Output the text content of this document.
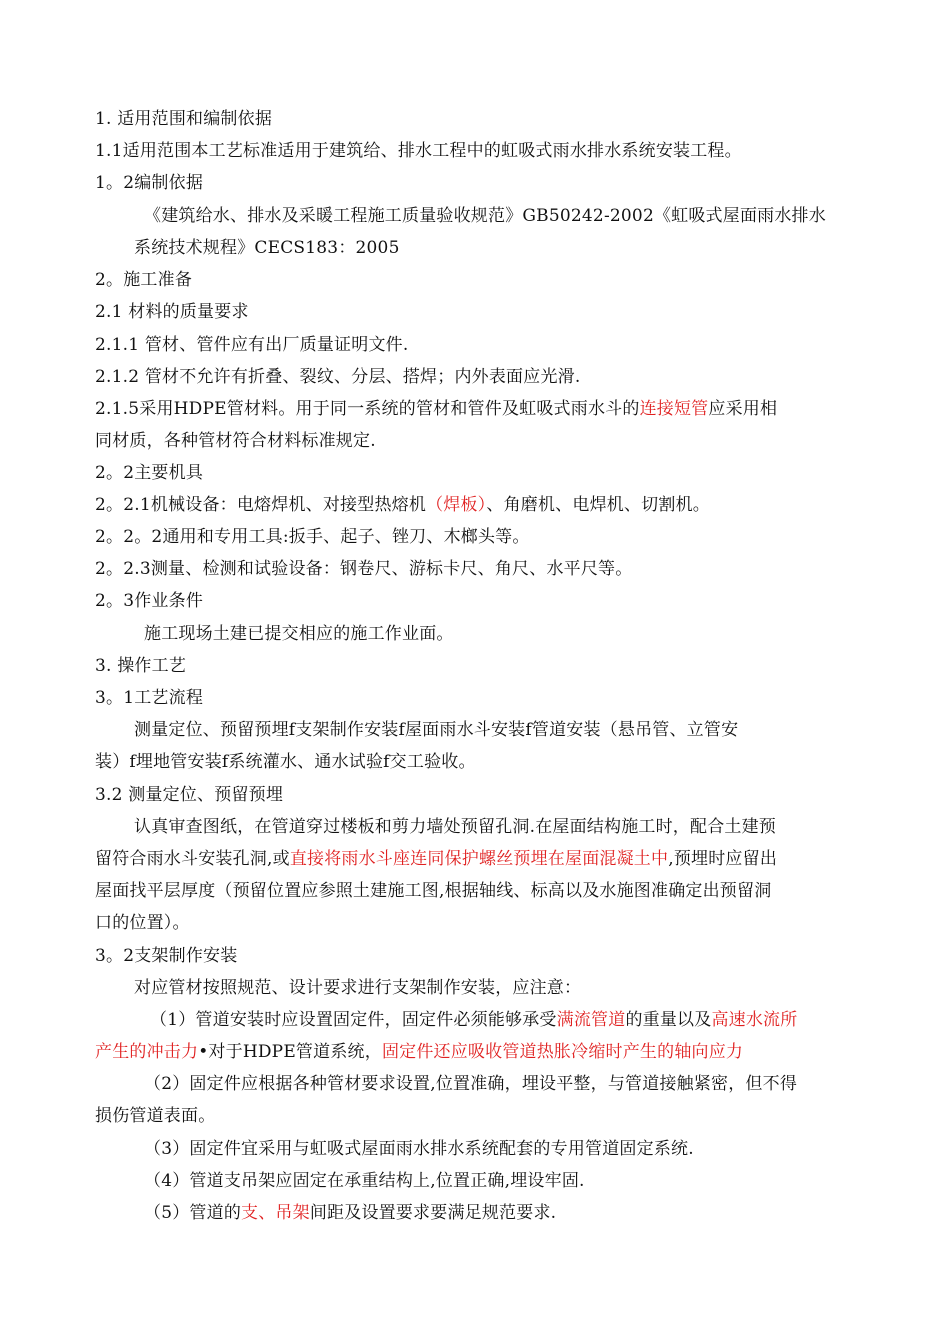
1. 适用范围和编制依据
1.1适用范围本工艺标准适用于建筑给、排水工程中的虹吸式雨水排水系统安装工程。
1。2编制依据
《建筑给水、排水及采暖工程施工质量验收规范》GB50242-2002《虹吸式屋面雨水排水
系统技术规程》CECS183：2005
2。施工准备
2.1 材料的质量要求
2.1.1 管材、管件应有出厂质量证明文件.
2.1.2 管材不允许有折叠、裂纹、分层、搭焊；内外表面应光滑.
2.1.5采用HDPE管材料。用于同一系统的管材和管件及虹吸式雨水斗的连接短管应采用相
同材质，各种管材符合材料标准规定.
2。2主要机具
2。2.1机械设备：电熔焊机、对接型热熔机（焊板）、角磨机、电焊机、切割机。
2。2。2通用和专用工具:扳手、起子、锉刀、木榔头等。
2。2.3测量、检测和试验设备：钢卷尺、游标卡尺、角尺、水平尺等。
2。3作业条件
施工现场土建已提交相应的施工作业面。
3. 操作工艺
3。1工艺流程
测量定位、预留预埋f支架制作安装f屋面雨水斗安装f管道安装（悬吊管、立管安
装）f埋地管安装f系统灌水、通水试验f交工验收。
3.2 测量定位、预留预埋
认真审查图纸，在管道穿过楼板和剪力墙处预留孔洞.在屋面结构施工时，配合土建预
留符合雨水斗安装孔洞,或直接将雨水斗座连同保护螺丝预埋在屋面混凝土中,预埋时应留出
屋面找平层厚度（预留位置应参照土建施工图,根据轴线、标高以及水施图准确定出预留洞
口的位置）。
3。2支架制作安装
对应管材按照规范、设计要求进行支架制作安装，应注意：
（1）管道安装时应设置固定件，固定件必须能够承受满流管道的重量以及高速水流所
产生的冲击力•对于HDPE管道系统，固定件还应吸收管道热胀冷缩时产生的轴向应力
（2）固定件应根据各种管材要求设置,位置准确，埋设平整，与管道接触紧密，但不得
损伤管道表面。
（3）固定件宜采用与虹吸式屋面雨水排水系统配套的专用管道固定系统.
（4）管道支吊架应固定在承重结构上,位置正确,埋设牢固.
（5）管道的支、吊架间距及设置要求要满足规范要求.
